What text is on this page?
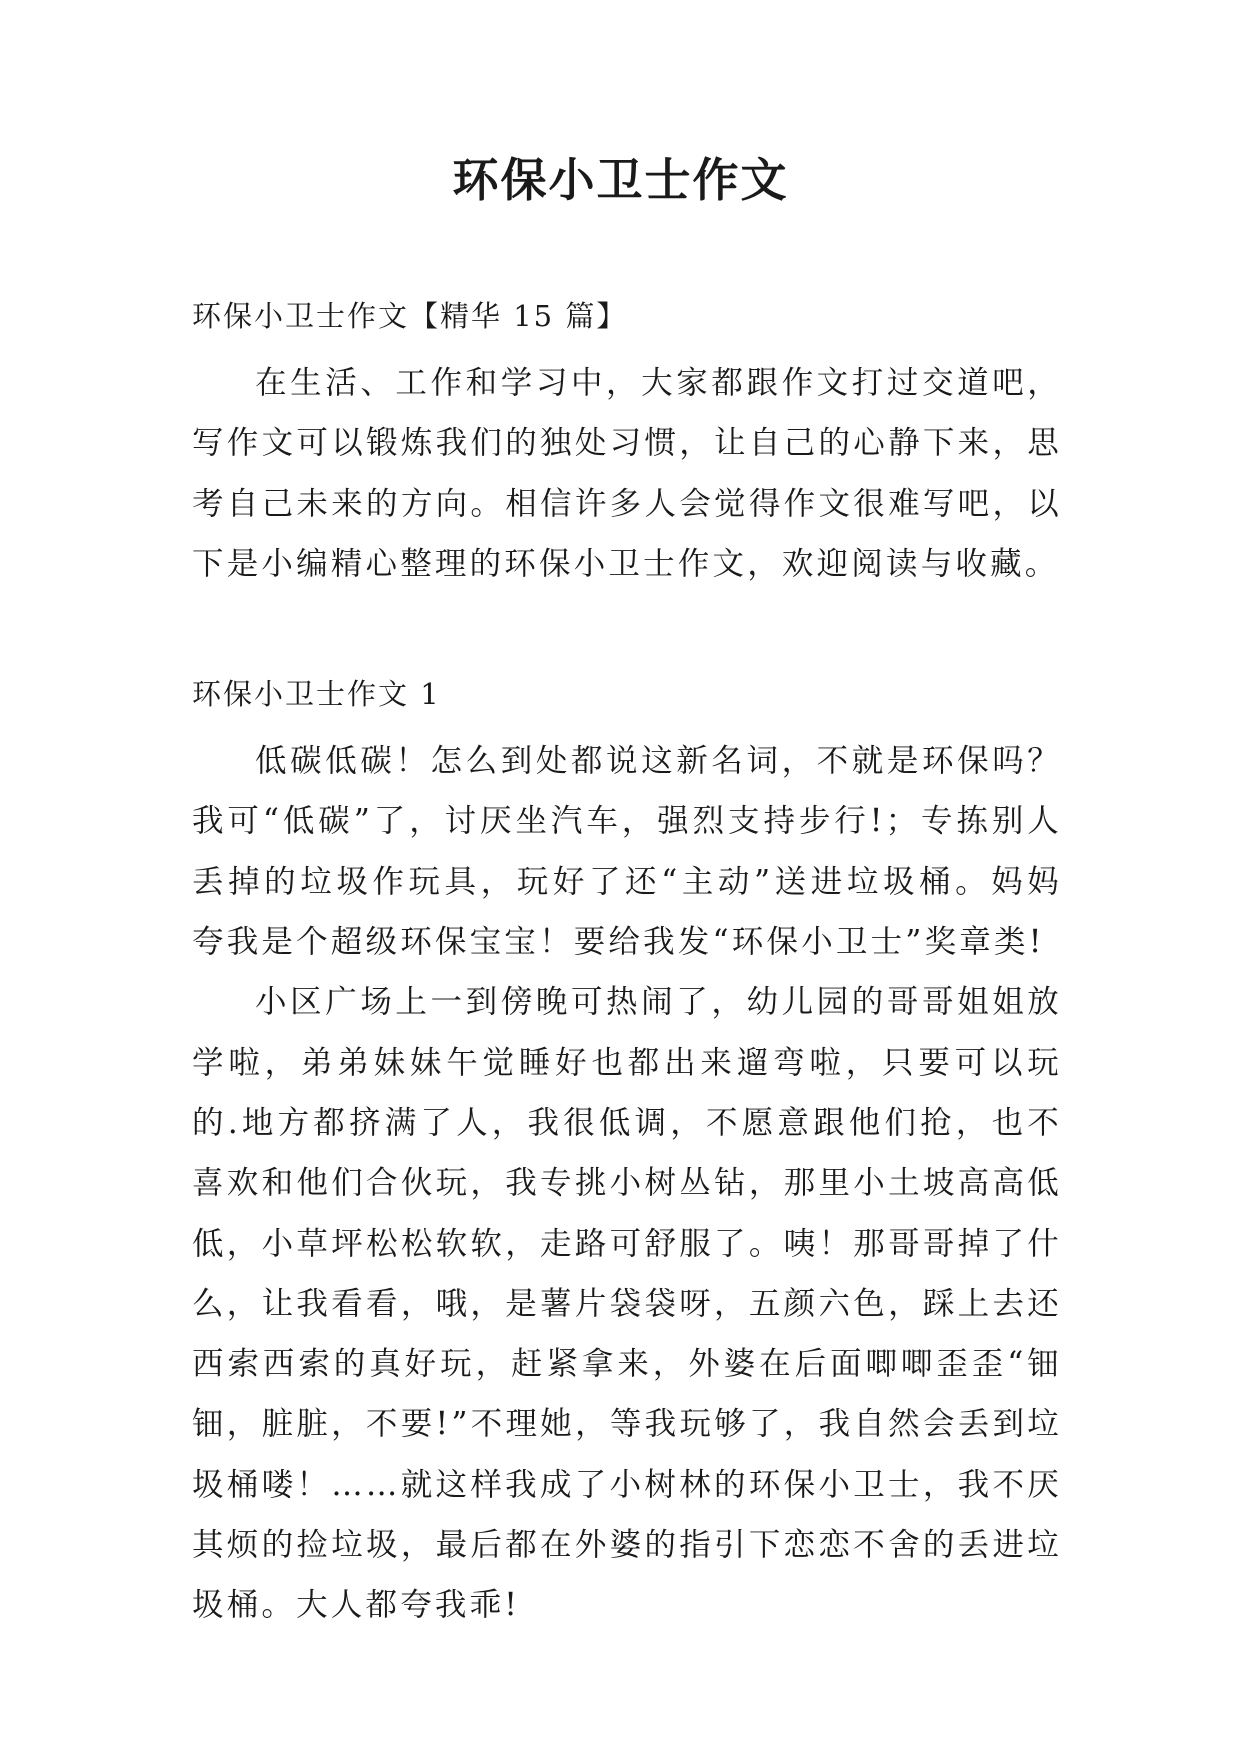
环保小卫士作文

环保小卫士作文【精华 15 篇】

在生活、工作和学习中，大家都跟作文打过交道吧，写作文可以锻炼我们的独处习惯，让自己的心静下来，思考自己未来的方向。相信许多人会觉得作文很难写吧，以下是小编精心整理的环保小卫士作文，欢迎阅读与收藏。

环保小卫士作文 1

低碳低碳！怎么到处都说这新名词，不就是环保吗？我可“低碳”了，讨厌坐汽车，强烈支持步行!；专拣别人丢掉的垃圾作玩具，玩好了还“主动”送进垃圾桶。妈妈夸我是个超级环保宝宝！要给我发“环保小卫士”奖章类!

小区广场上一到傍晚可热闹了，幼儿园的哥哥姐姐放学啦，弟弟妹妹午觉睡好也都出来遛弯啦，只要可以玩的.地方都挤满了人，我很低调，不愿意跟他们抢，也不喜欢和他们合伙玩，我专挑小树丛钻，那里小土坡高高低低，小草坪松松软软，走路可舒服了。咦！那哥哥掉了什么，让我看看，哦，是薯片袋袋呀，五颜六色，踩上去还西索西索的真好玩，赶紧拿来，外婆在后面唧唧歪歪“钿钿，脏脏，不要!”不理她，等我玩够了，我自然会丢到垃圾桶喽！……就这样我成了小树林的环保小卫士，我不厌其烦的捡垃圾，最后都在外婆的指引下恋恋不舍的丢进垃圾桶。大人都夸我乖!
